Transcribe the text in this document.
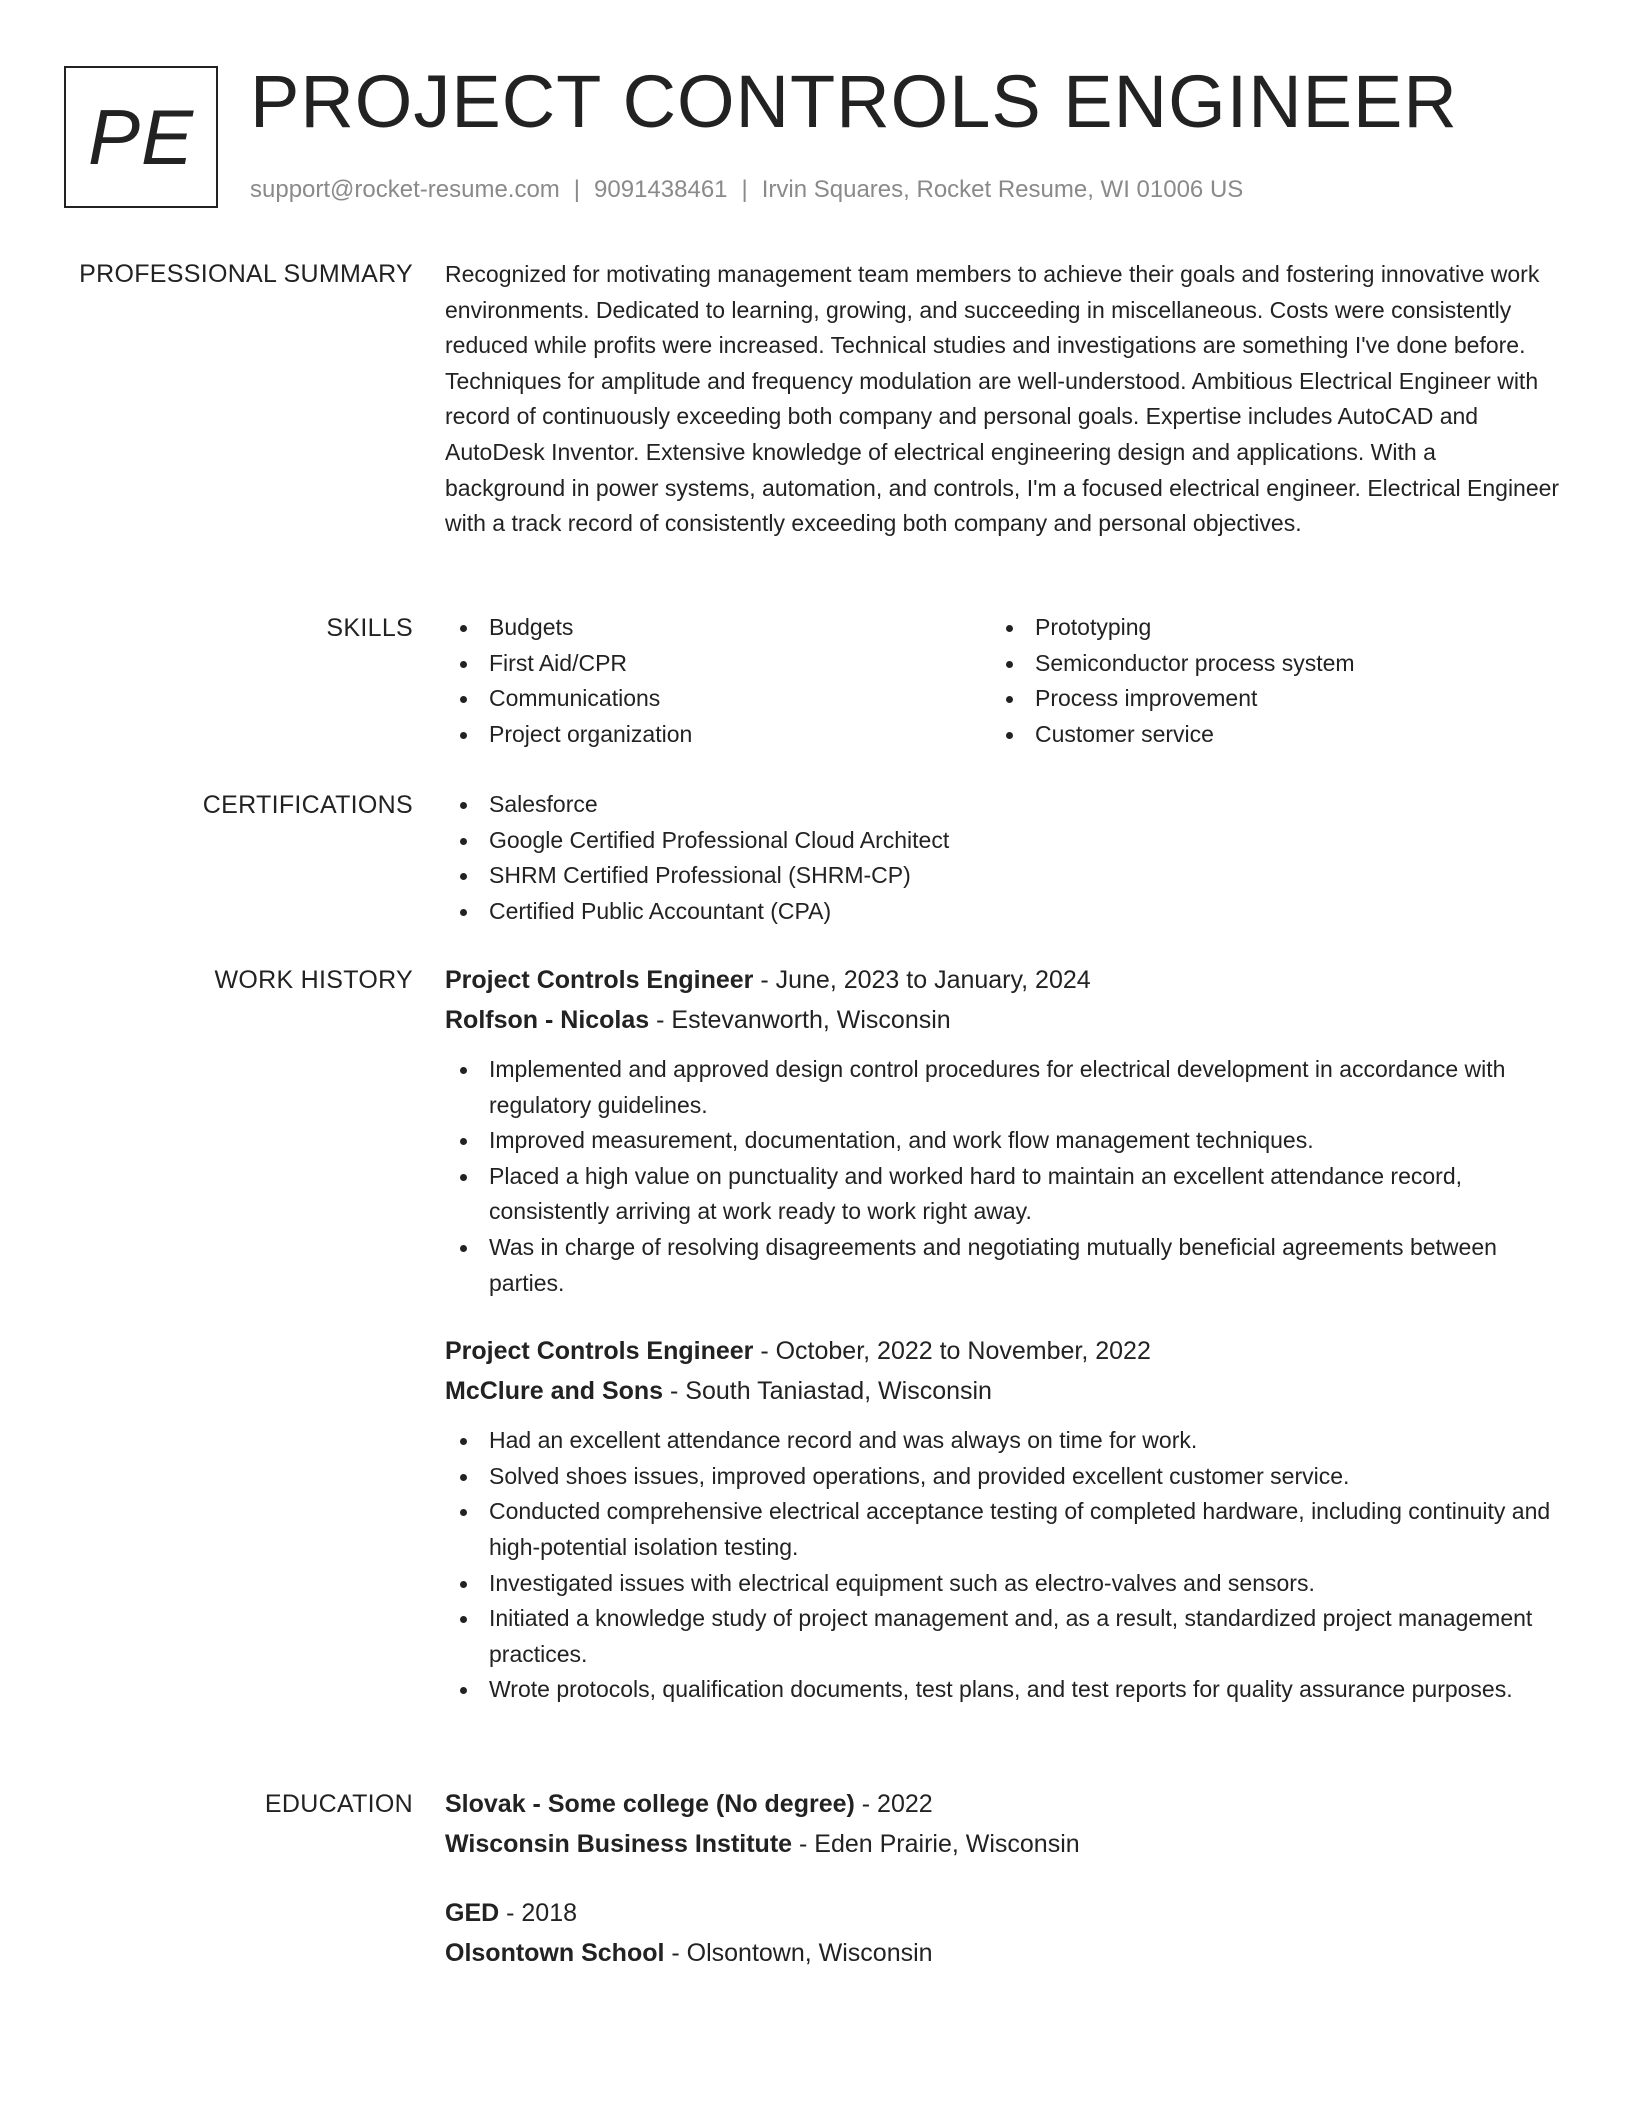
PE PROJECT CONTROLS ENGINEER
support@rocket-resume.com | 9091438461 | Irvin Squares, Rocket Resume, WI 01006 US
PROFESSIONAL SUMMARY Recognized for motivating management team members to achieve their goals and fostering innovative work environments. Dedicated to learning, growing, and succeeding in miscellaneous. Costs were consistently reduced while profits were increased. Technical studies and investigations are something I've done before. Techniques for amplitude and frequency modulation are well-understood. Ambitious Electrical Engineer with record of continuously exceeding both company and personal goals. Expertise includes AutoCAD and AutoDesk Inventor. Extensive knowledge of electrical engineering design and applications. With a background in power systems, automation, and controls, I'm a focused electrical engineer. Electrical Engineer with a track record of consistently exceeding both company and personal objectives.

SKILLS	Budgets
First Aid/CPR
Communications
Project organization
Prototyping
Semiconductor process system
Process improvement
Customer service
CERTIFICATIONS	Salesforce
Google Certified Professional Cloud Architect
SHRM Certified Professional (SHRM-CP)
Certified Public Accountant (CPA)
WORK HISTORY Project Controls Engineer - June, 2023 to January, 2024
Rolfson - Nicolas - Estevanworth, Wisconsin
Implemented and approved design control procedures for electrical development in accordance with regulatory guidelines.
Improved measurement, documentation, and work flow management techniques.
Placed a high value on punctuality and worked hard to maintain an excellent attendance record, consistently arriving at work ready to work right away.
Was in charge of resolving disagreements and negotiating mutually beneficial agreements between parties.
Project Controls Engineer - October, 2022 to November, 2022
McClure and Sons - South Taniastad, Wisconsin
Had an excellent attendance record and was always on time for work.
Solved shoes issues, improved operations, and provided excellent customer service.
Conducted comprehensive electrical acceptance testing of completed hardware, including continuity and high-potential isolation testing.
Investigated issues with electrical equipment such as electro-valves and sensors.
Initiated a knowledge study of project management and, as a result, standardized project management practices.
Wrote protocols, qualification documents, test plans, and test reports for quality assurance purposes.
EDUCATION Slovak - Some college (No degree) - 2022
Wisconsin Business Institute - Eden Prairie, Wisconsin
GED - 2018
Olsontown School - Olsontown, Wisconsin
